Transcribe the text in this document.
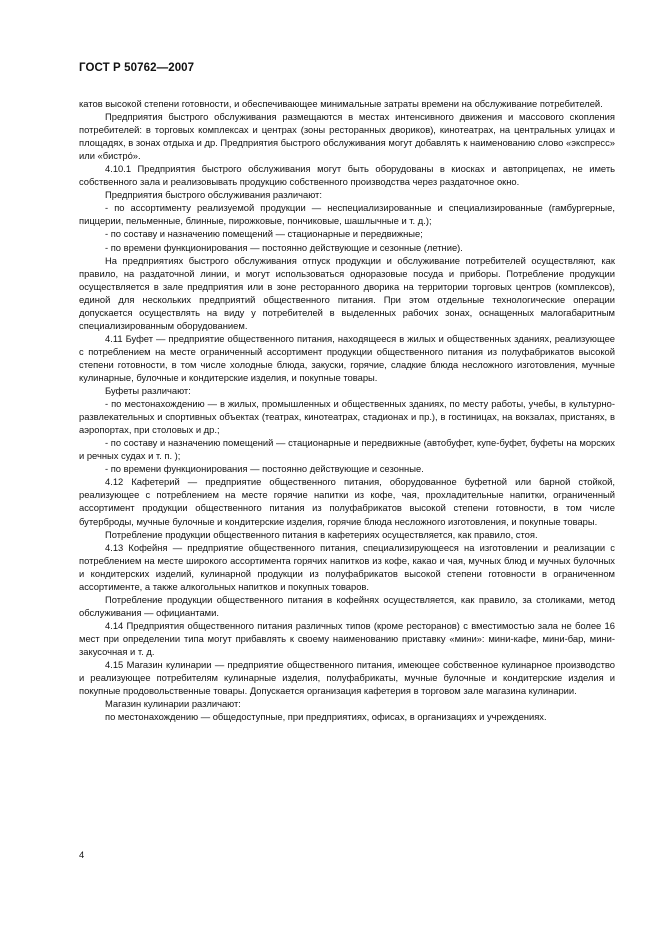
ГОСТ Р 50762—2007

катов высокой степени готовности, и обеспечивающее минимальные затраты времени на обслуживание потребителей.

Предприятия быстрого обслуживания размещаются в местах интенсивного движения и массового скопления потребителей: в торговых комплексах и центрах (зоны ресторанных двориков), кинотеатрах, на центральных улицах и площадях, в зонах отдыха и др. Предприятия быстрого обслуживания могут добавлять к наименованию слово «экспресс» или «бистро́».

4.10.1 Предприятия быстрого обслуживания могут быть оборудованы в киосках и автоприцепах, не иметь собственного зала и реализовывать продукцию собственного производства через раздаточное окно.

Предприятия быстрого обслуживания различают:

- по ассортименту реализуемой продукции — неспециализированные и специализированные (гамбургерные, пиццерии, пельменные, блинные, пирожковые, пончиковые, шашлычные и т. д.);

- по составу и назначению помещений — стационарные и передвижные;

- по времени функционирования — постоянно действующие и сезонные (летние).

На предприятиях быстрого обслуживания отпуск продукции и обслуживание потребителей осуществляют, как правило, на раздаточной линии, и могут использоваться одноразовые посуда и приборы. Потребление продукции осуществляется в зале предприятия или в зоне ресторанного дворика на территории торговых центров (комплексов), единой для нескольких предприятий общественного питания. При этом отдельные технологические операции допускается осуществлять на виду у потребителей в выделенных рабочих зонах, оснащенных малогабаритным специализированным оборудованием.

4.11 Буфет — предприятие общественного питания, находящееся в жилых и общественных зданиях, реализующее с потреблением на месте ограниченный ассортимент продукции общественного питания из полуфабрикатов высокой степени готовности, в том числе холодные блюда, закуски, горячие, сладкие блюда несложного изготовления, мучные кулинарные, булочные и кондитерские изделия, и покупные товары.

Буфеты различают:

- по местонахождению — в жилых, промышленных и общественных зданиях, по месту работы, учебы, в культурно-развлекательных и спортивных объектах (театрах, кинотеатрах, стадионах и пр.), в гостиницах, на вокзалах, пристанях, в аэропортах, при столовых и др.;

- по составу и назначению помещений — стационарные и передвижные (автобуфет, купе-буфет, буфеты на морских и речных судах и т. п. );

- по времени функционирования — постоянно действующие и сезонные.

4.12 Кафетерий — предприятие общественного питания, оборудованное буфетной или барной стойкой, реализующее с потреблением на месте горячие напитки из кофе, чая, прохладительные напитки, ограниченный ассортимент продукции общественного питания из полуфабрикатов высокой степени готовности, в том числе бутерброды, мучные булочные и кондитерские изделия, горячие блюда несложного изготовления, и покупные товары.

Потребление продукции общественного питания в кафетериях осуществляется, как правило, стоя.

4.13 Кофейня — предприятие общественного питания, специализирующееся на изготовлении и реализации с потреблением на месте широкого ассортимента горячих напитков из кофе, какао и чая, мучных блюд и мучных булочных и кондитерских изделий, кулинарной продукции из полуфабрикатов высокой степени готовности в ограниченном ассортименте, а также алкогольных напитков и покупных товаров.

Потребление продукции общественного питания в кофейнях осуществляется, как правило, за столиками, метод обслуживания — официантами.

4.14 Предприятия общественного питания различных типов (кроме ресторанов) с вместимостью зала не более 16 мест при определении типа могут прибавлять к своему наименованию приставку «мини»: мини-кафе, мини-бар, мини-закусочная и т. д.

4.15 Магазин кулинарии — предприятие общественного питания, имеющее собственное кулинарное производство и реализующее потребителям кулинарные изделия, полуфабрикаты, мучные булочные и кондитерские изделия и покупные продовольственные товары. Допускается организация кафетерия в торговом зале магазина кулинарии.

Магазин кулинарии различают:

по местонахождению — общедоступные, при предприятиях, офисах, в организациях и учреждениях.

4
